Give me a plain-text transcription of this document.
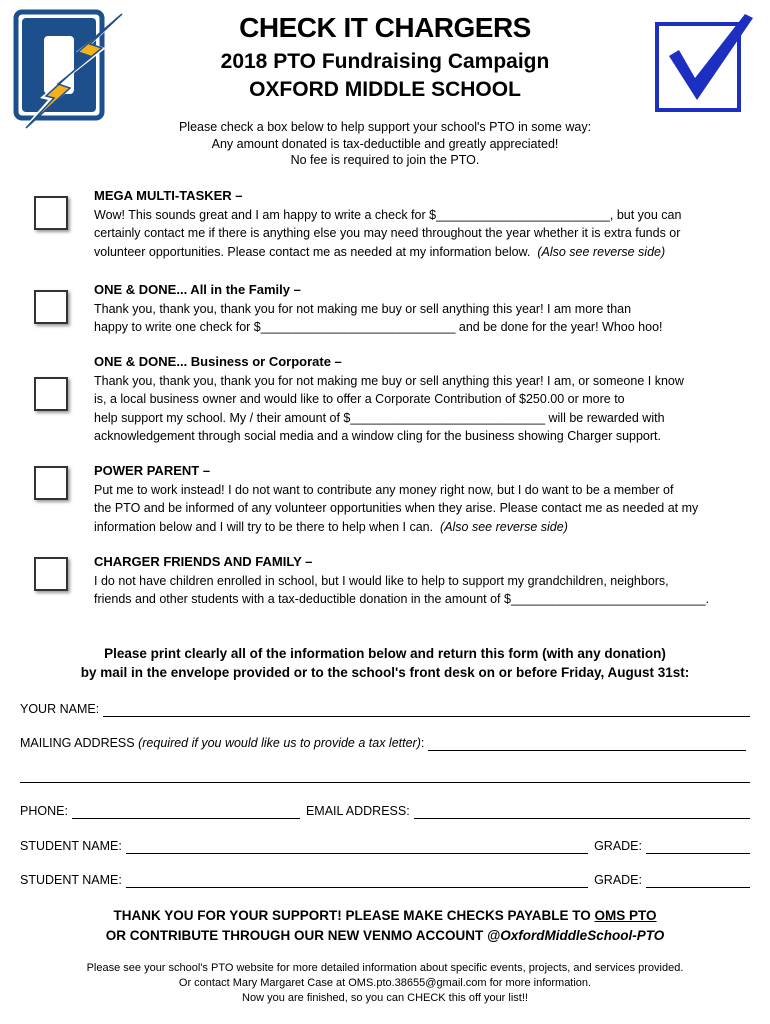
CHECK IT CHARGERS
2018 PTO Fundraising Campaign
OXFORD MIDDLE SCHOOL
Please check a box below to help support your school's PTO in some way:
Any amount donated is tax-deductible and greatly appreciated!
No fee is required to join the PTO.
MEGA MULTI-TASKER –
Wow! This sounds great and I am happy to write a check for $_________________________, but you can
certainly contact me if there is anything else you may need throughout the year whether it is extra funds or
volunteer opportunities. Please contact me as needed at my information below. (Also see reverse side)
ONE & DONE... All in the Family –
Thank you, thank you, thank you for not making me buy or sell anything this year! I am more than
happy to write one check for $____________________________ and be done for the year! Whoo hoo!
ONE & DONE... Business or Corporate –
Thank you, thank you, thank you for not making me buy or sell anything this year! I am, or someone I know
is, a local business owner and would like to offer a Corporate Contribution of $250.00 or more to
help support my school. My / their amount of $____________________________ will be rewarded with
acknowledgement through social media and a window cling for the business showing Charger support.
POWER PARENT –
Put me to work instead! I do not want to contribute any money right now, but I do want to be a member of
the PTO and be informed of any volunteer opportunities when they arise. Please contact me as needed at my
information below and I will try to be there to help when I can. (Also see reverse side)
CHARGER FRIENDS AND FAMILY –
I do not have children enrolled in school, but I would like to help to support my grandchildren, neighbors,
friends and other students with a tax-deductible donation in the amount of $____________________________.
Please print clearly all of the information below and return this form (with any donation)
by mail in the envelope provided or to the school's front desk on or before Friday, August 31st:
YOUR NAME:
MAILING ADDRESS (required if you would like us to provide a tax letter):
PHONE:	EMAIL ADDRESS:
STUDENT NAME:	GRADE:
STUDENT NAME:	GRADE:
THANK YOU FOR YOUR SUPPORT! PLEASE MAKE CHECKS PAYABLE TO OMS PTO
OR CONTRIBUTE THROUGH OUR NEW VENMO ACCOUNT @OxfordMiddleSchool-PTO
Please see your school's PTO website for more detailed information about specific events, projects, and services provided.
Or contact Mary Margaret Case at OMS.pto.38655@gmail.com for more information.
Now you are finished, so you can CHECK this off your list!!
